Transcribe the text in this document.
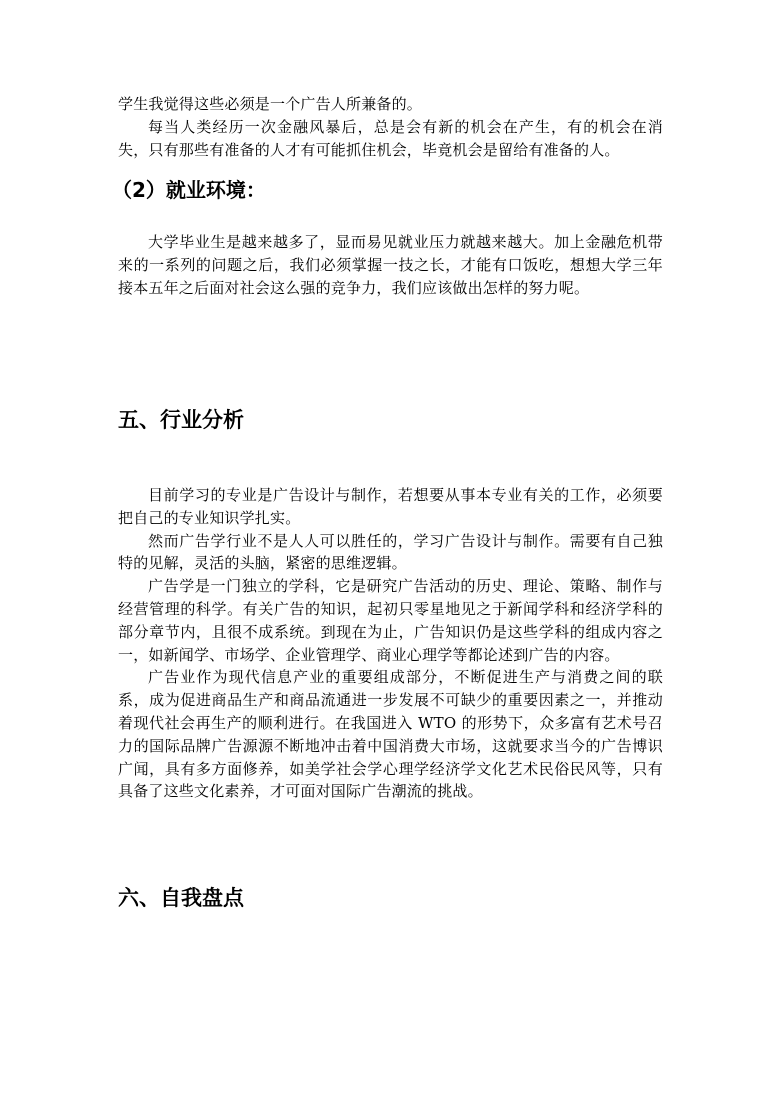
学生我觉得这些必须是一个广告人所兼备的。

每当人类经历一次金融风暴后，总是会有新的机会在产生，有的机会在消失，只有那些有准备的人才有可能抓住机会，毕竟机会是留给有准备的人。

（2）就业环境：

大学毕业生是越来越多了，显而易见就业压力就越来越大。加上金融危机带来的一系列的问题之后，我们必须掌握一技之长，才能有口饭吃，想想大学三年接本五年之后面对社会这么强的竞争力，我们应该做出怎样的努力呢。

五、行业分析

目前学习的专业是广告设计与制作，若想要从事本专业有关的工作，必须要把自己的专业知识学扎实。

然而广告学行业不是人人可以胜任的，学习广告设计与制作。需要有自己独特的见解，灵活的头脑，紧密的思维逻辑。

广告学是一门独立的学科，它是研究广告活动的历史、理论、策略、制作与经营管理的科学。有关广告的知识，起初只零星地见之于新闻学科和经济学科的部分章节内，且很不成系统。到现在为止，广告知识仍是这些学科的组成内容之一，如新闻学、市场学、企业管理学、商业心理学等都论述到广告的内容。

广告业作为现代信息产业的重要组成部分，不断促进生产与消费之间的联系，成为促进商品生产和商品流通进一步发展不可缺少的重要因素之一，并推动着现代社会再生产的顺利进行。在我国进入 WTO 的形势下，众多富有艺术号召力的国际品牌广告源源不断地冲击着中国消费大市场，这就要求当今的广告博识广闻，具有多方面修养，如美学社会学心理学经济学文化艺术民俗民风等，只有具备了这些文化素养，才可面对国际广告潮流的挑战。

六、自我盘点
